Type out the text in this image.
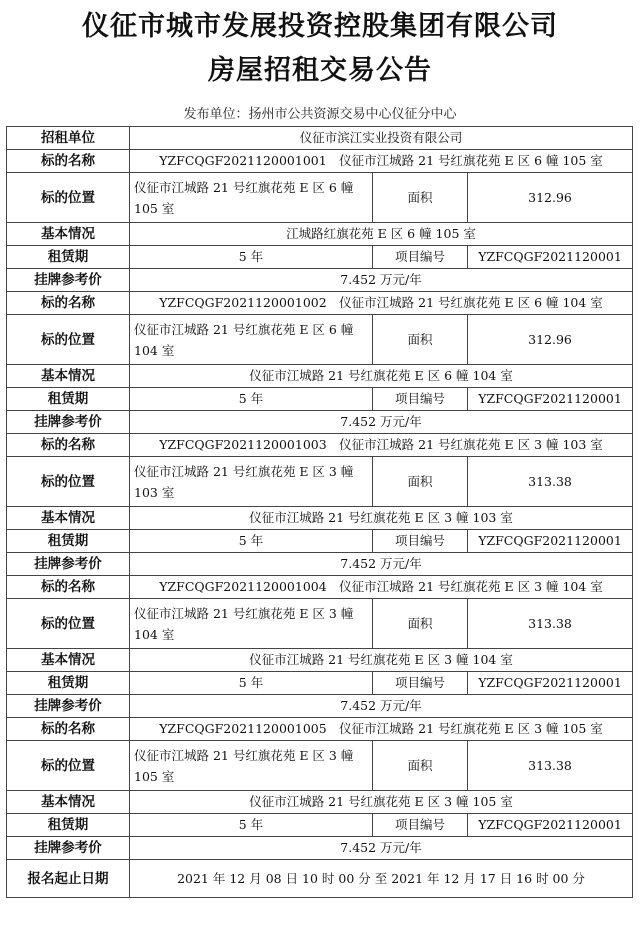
仪征市城市发展投资控股集团有限公司
房屋招租交易公告
发布单位：扬州市公共资源交易中心仪征分中心
招租单位	仪征市滨江实业投资有限公司		
标的名称	YZFCQGF2021120001001　仪征市江城路 21 号红旗花苑 E 区 6 幢 105 室		
标的位置	仪征市江城路 21 号红旗花苑 E 区 6 幢 105 室	面积	312.96
基本情况	江城路红旗花苑 E 区 6 幢 105 室		
租赁期	5 年	项目编号	YZFCQGF2021120001
挂牌参考价	7.452 万元/年		
标的名称	YZFCQGF2021120001002　仪征市江城路 21 号红旗花苑 E 区 6 幢 104 室		
标的位置	仪征市江城路 21 号红旗花苑 E 区 6 幢 104 室	面积	312.96
基本情况	仪征市江城路 21 号红旗花苑 E 区 6 幢 104 室		
租赁期	5 年	项目编号	YZFCQGF2021120001
挂牌参考价	7.452 万元/年		
标的名称	YZFCQGF2021120001003　仪征市江城路 21 号红旗花苑 E 区 3 幢 103 室		
标的位置	仪征市江城路 21 号红旗花苑 E 区 3 幢 103 室	面积	313.38
基本情况	仪征市江城路 21 号红旗花苑 E 区 3 幢 103 室		
租赁期	5 年	项目编号	YZFCQGF2021120001
挂牌参考价	7.452 万元/年		
标的名称	YZFCQGF2021120001004　仪征市江城路 21 号红旗花苑 E 区 3 幢 104 室		
标的位置	仪征市江城路 21 号红旗花苑 E 区 3 幢 104 室	面积	313.38
基本情况	仪征市江城路 21 号红旗花苑 E 区 3 幢 104 室		
租赁期	5 年	项目编号	YZFCQGF2021120001
挂牌参考价	7.452 万元/年		
标的名称	YZFCQGF2021120001005　仪征市江城路 21 号红旗花苑 E 区 3 幢 105 室		
标的位置	仪征市江城路 21 号红旗花苑 E 区 3 幢 105 室	面积	313.38
基本情况	仪征市江城路 21 号红旗花苑 E 区 3 幢 105 室		
租赁期	5 年	项目编号	YZFCQGF2021120001
挂牌参考价	7.452 万元/年		
报名起止日期	2021 年 12 月 08 日 10 时 00 分 至 2021 年 12 月 17 日 16 时 00 分		
